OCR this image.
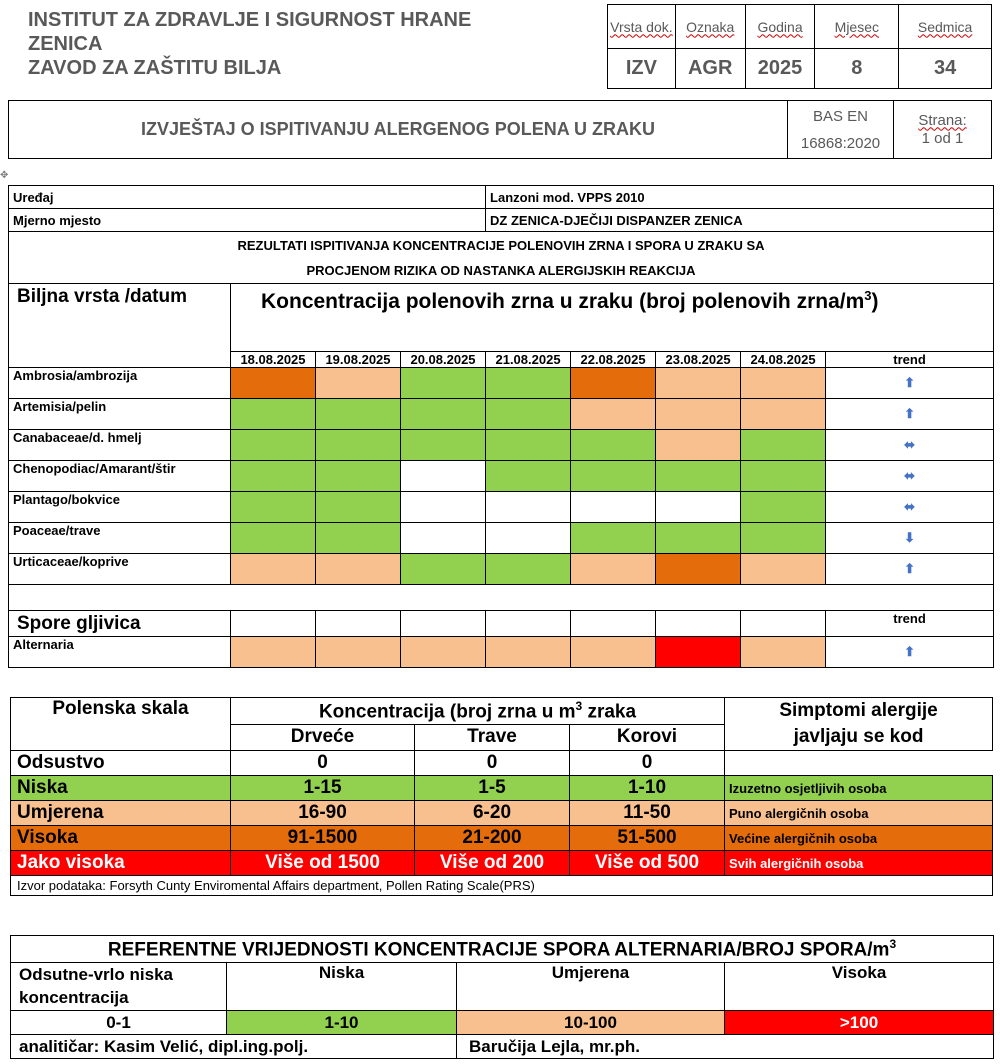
INSTITUT ZA ZDRAVLJE I SIGURNOST HRANE
ZENICA
ZAVOD ZA ZAŠTITU BILJA
Vrsta dok.	Oznaka	Godina	Mjesec	Sedmica
IZV	AGR	2025	8	34
IZVJEŠTAJ O ISPITIVANJU ALERGENOG POLENA U ZRAKU	
BAS EN
16868:2020

Strana:
1 od 1
✥
Uređaj				Lanzoni mod. VPPS 2010				
Mjerno mjesto				DZ ZENICA-DJEČIJI DISPANZER ZENICA				

REZULTATI ISPITIVANJA KONCENTRACIJE POLENOVIH ZRNA I SPORA U ZRAKU SA
PROCJENOM RIZIKA OD NASTANKA ALERGIJSKIH REAKCIJA								

Biljna vrsta /datum	Koncentracija polenovih zrna u zraku (broj polenovih zrna/$m^3$)							
	18.08.2025	19.08.2025	20.08.2025	21.08.2025	22.08.2025	23.08.2025	24.08.2025	trend
Ambrosia/ambrozija								⬆
Artemisia/pelin								⬆
Canabaceae/d. hmelj								⬌
Chenopodiac/Amarant/štir								⬌
Plantago/bokvice								⬌
Poaceae/trave								⬇
Urticaceae/koprive								⬆

Spore gljivica								trend
Alternaria								⬆
Polenska skala	Koncentracija (broj zrna u $m^3$ zraka			Simptomi alergije javljaju se kod
	Drveće	Trave	Korovi	
Odsustvo	0	0	0	
Niska	1-15	1-5	1-10	Izuzetno osjetljivih osoba
Umjerena	16-90	6-20	11-50	Puno alergičnih osoba
Visoka	91-1500	21-200	51-500	Većine alergičnih osoba
Jako visoka	Više od 1500	Više od 200	Više od 500	Svih alergičnih osoba
Izvor podataka: Forsyth Cunty Enviromental Affairs department, Pollen Rating Scale(PRS)				
REFERENTNE VRIJEDNOSTI KONCENTRACIJE SPORA ALTERNARIA/BROJ SPORA/$m^3$
Odsutne-vrlo niska koncentracija	Niska	Umjerena	Visoka
0-1	1-10	10-100	>100
analitičar: Kasim Velić, dipl.ing.polj.		Baručija Lejla, mr.ph.	
